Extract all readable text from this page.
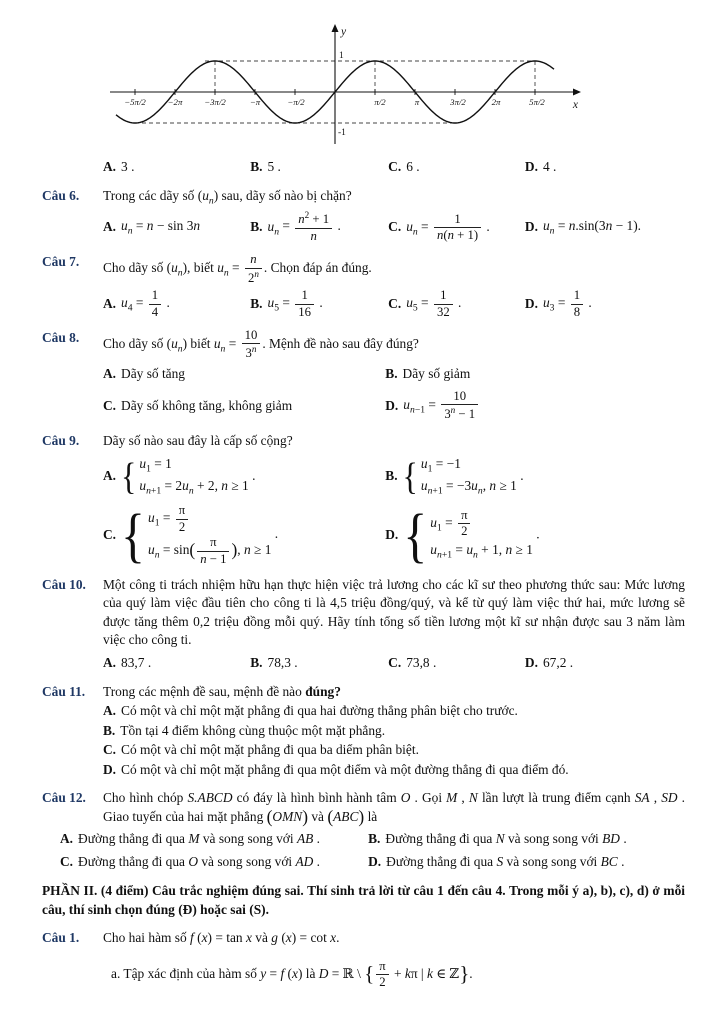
y
x
1
-1
−5π/2 −2π −3π/2	−π	−π/2	π/2	π	3π/2	2π	5π/2
A. 3 .	B. 5 .	C. 6 .	D. 4 .
Câu 6.	Trong các dãy số $(u_n)$ sau, dãy số nào bị chặn?
A. $u_n = n - \sin 3n$	B. $u_n = \frac{n^2 + 1}{n}$ .	C. $u_n = \frac{1}{n(n + 1)}$ .	D. $u_n = n.\sin(3n - 1)$.
Câu 7.	Cho dãy số $(u_n)$, biết $u_n = \frac{n}{2^n}$ . Chọn đáp án đúng.
A. $u_4 = \frac{1}{4}$ .	B. $u_5 = \frac{1}{16}$ .	C. $u_5 = \frac{1}{32}$ .	D. $u_3 = \frac{1}{8}$ .
Câu 8.	Cho dãy số $(u_n)$ biết $u_n = \frac{10}{3^n}$ . Mệnh đề nào sau đây đúng?
A. Dãy số tăng	B. Dãy số giảm
C. Dãy số không tăng, không giảm	D. $u_{n-1} = \frac{10}{3^n - 1}$
Câu 9.	Dãy số nào sau đây là cấp số cộng?
A. { $u_1 = 1$
$u_{n+1} = 2u_n + 2$, n ≥ 1
.	B. { $u_1 = -1$
$u_{n+1} = -3u_n$, n ≥ 1
.
C. { $u_1 = \frac{\pi}{2}$
$u_n = \sin( \frac{\pi}{n - 1}$ ), n ≥ 1
.	D. { $u_1 = \frac{\pi}{2}$
$u_{n+1} = u_n + 1$, n ≥ 1
.
Câu 10.	Một công ti trách nhiệm hữu hạn thực hiện việc trả lương cho các kĩ sư theo phương thức sau: Mức lương của quý làm việc đầu tiên cho công ti là 4,5 triệu đồng/quý, và kể từ quý làm việc thứ hai, mức lương sẽ được tăng thêm 0,2 triệu đồng mỗi quý. Hãy tính tổng số tiền lương một kĩ sư nhận được sau 3 năm làm việc cho công ti.
A. 83,7 .	B. 78,3 .	C. 73,8 .	D. 67,2 .
Câu 11.	Trong các mệnh đề sau, mệnh đề nào đúng?
A. Có một và chỉ một mặt phẳng đi qua hai đường thẳng phân biệt cho trước.
B. Tồn tại 4 điểm không cùng thuộc một mặt phẳng.
C. Có một và chỉ một mặt phẳng đi qua ba diểm phân biệt.
D. Có một và chỉ một mặt phẳng đi qua một điểm và một đường thẳng đi qua điểm đó.
Câu 12.	Cho hình chóp S.ABCD có đáy là hình bình hành tâm O . Gọi M , N lần lượt là trung điểm cạnh SA , SD . Giao tuyến của hai mặt phẳng (OMN) và (ABC) là
A. Đường thẳng đi qua M và song song với AB .	B. Đường thẳng đi qua N và song song với BD .
C. Đường thẳng đi qua O và song song với AD .	D. Đường thẳng đi qua S và song song với BC .
PHẦN II. (4 điểm) Câu trắc nghiệm đúng sai. Thí sinh trả lời từ câu 1 đến câu 4. Trong mỗi ý a), b), c), d) ở mỗi câu, thí sinh chọn đúng (Đ) hoặc sai (S).
Câu 1.	Cho hai hàm số f (x) = tan x và g (x) = cot x.
a. Tập xác định của hàm số y = f (x) là D = ℝ \ { $\frac{\pi}{2} + k\pi$ | k ∈ ℤ}.
